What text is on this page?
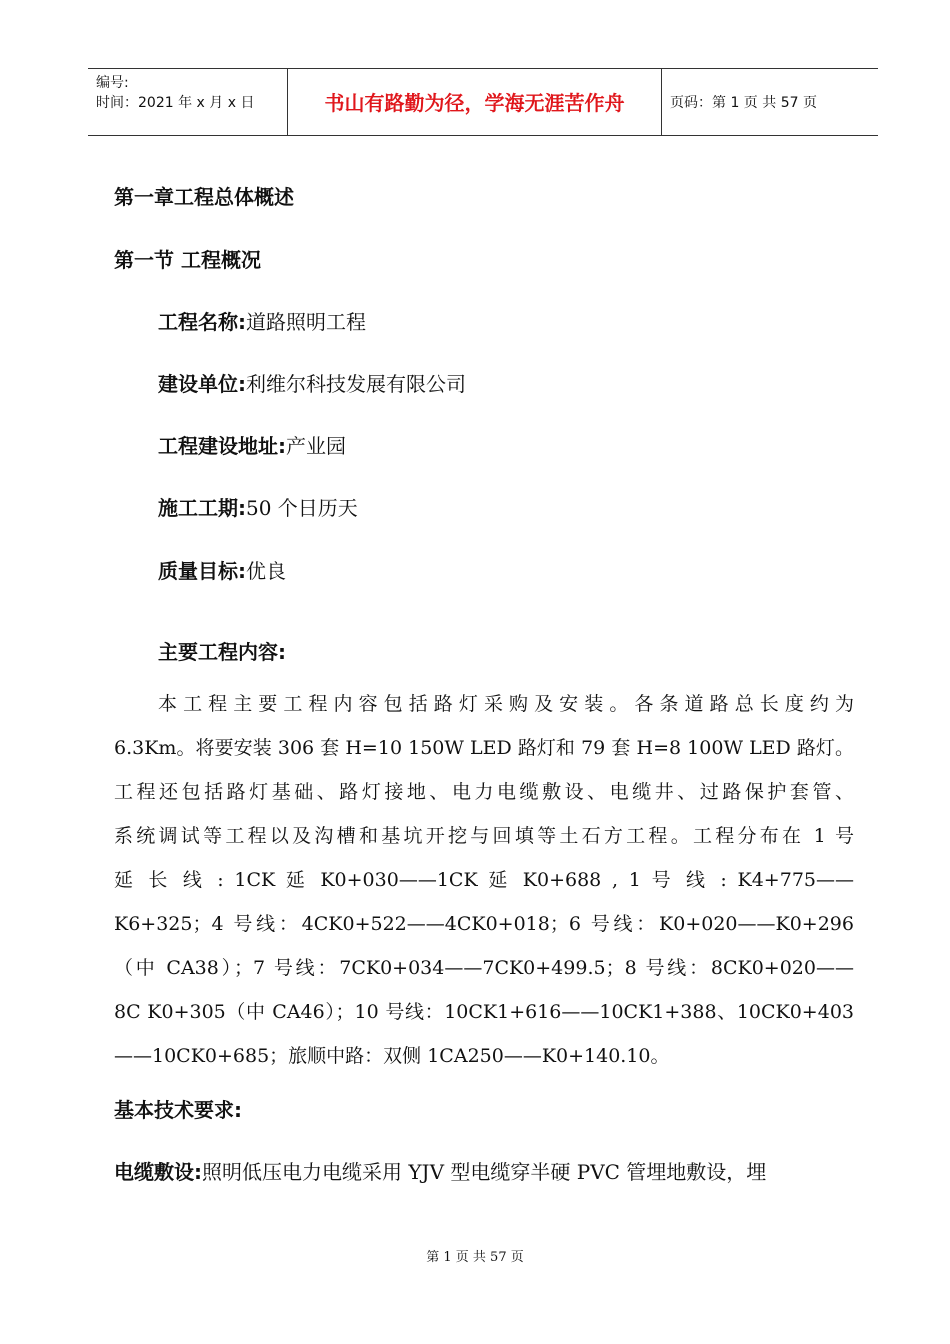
编号:
时间：2021 年 x 月 x 日	书山有路勤为径，学海无涯苦作舟	页码：第 1 页 共 57 页
第一章工程总体概述
第一节 工程概况
工程名称:道路照明工程
建设单位:利维尔科技发展有限公司
工程建设地址:产业园
施工工期:50 个日历天
质量目标:优良
主要工程内容:
本工程主要工程内容包括路灯采购及安装。各条道路总长度约为
6.3Km。将要安装 306 套 H=10 150W LED 路灯和 79 套 H=8 100W LED 路灯。
工程还包括路灯基础、路灯接地、电力电缆敷设、电缆井、过路保护套管、
系统调试等工程以及沟槽和基坑开挖与回填等土石方工程。工程分布在 1 号
延 长 线 : 1CK 延 K0+030——1CK 延 K0+688 , 1 号 线 : K4+775——
K6+325；4 号线：4CK0+522——4CK0+018；6 号线：K0+020——K0+296
（中 CA38）；7 号线：7CK0+034——7CK0+499.5；8 号线：8CK0+020——
8C K0+305（中 CA46）；10 号线：10CK1+616——10CK1+388、10CK0+403
——10CK0+685；旅顺中路：双侧 1CA250——K0+140.10。
基本技术要求:
电缆敷设:照明低压电力电缆采用 YJV 型电缆穿半硬 PVC 管埋地敷设，埋
第 1 页 共 57 页
